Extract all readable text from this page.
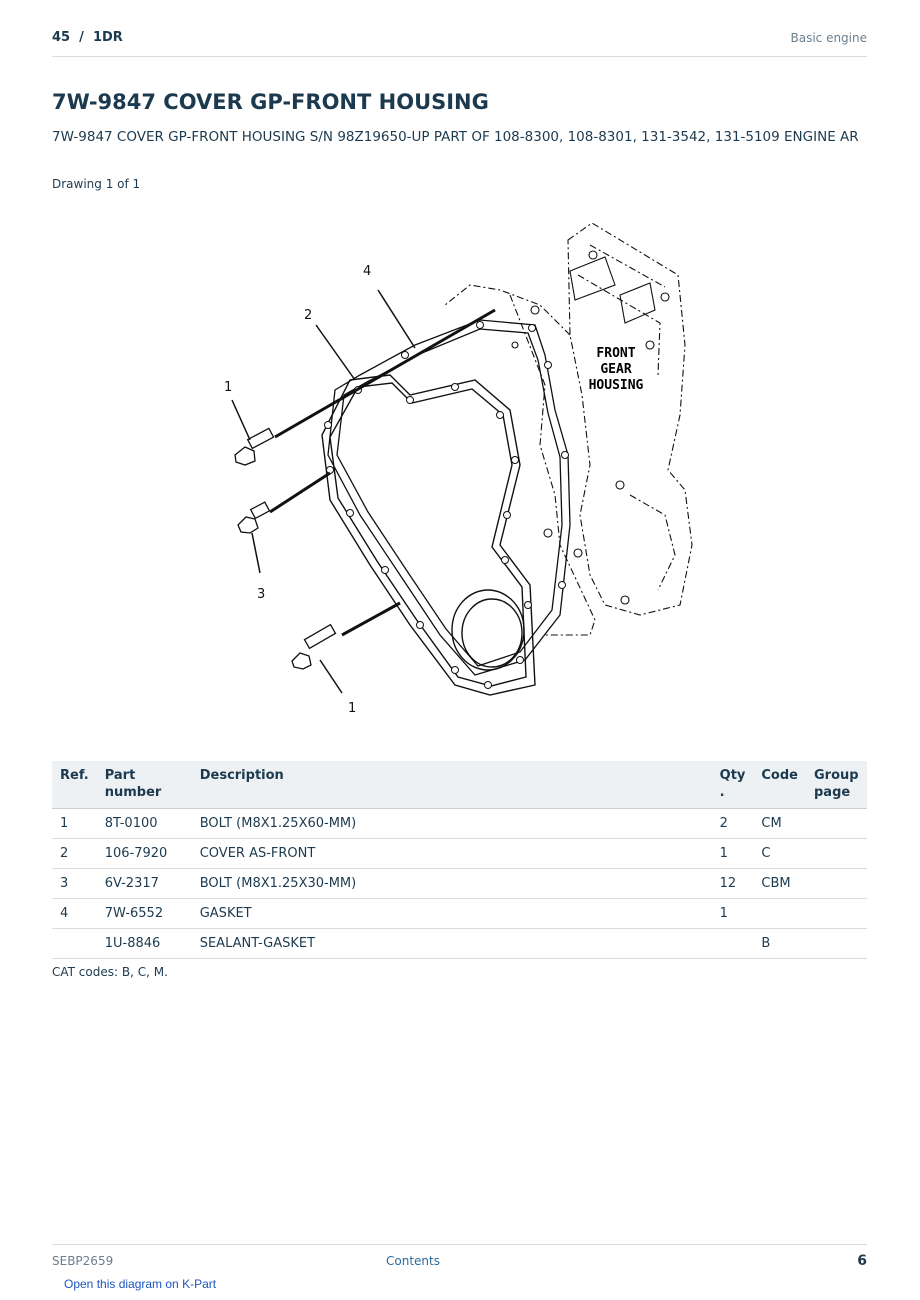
45  /  1DR	Basic engine
7W-9847 COVER GP-FRONT HOUSING
7W-9847 COVER GP-FRONT HOUSING S/N 98Z19650-UP PART OF 108-8300, 108-8301, 131-3542, 131-5109 ENGINE AR
Drawing 1 of 1
4
2
1
3
1
FRONT
GEAR
HOUSING
Ref.	Part number	Description	Qty .	Code	Group page
1	8T-0100	BOLT (M8X1.25X60-MM)	2	CM	
2	106-7920	COVER AS-FRONT	1	C	
3	6V-2317	BOLT (M8X1.25X30-MM)	12	CBM	
4	7W-6552	GASKET	1		
	1U-8846	SEALANT-GASKET		B	
CAT codes: B, C, M.
SEBP2659	Contents	6
Open this diagram on K-Part
